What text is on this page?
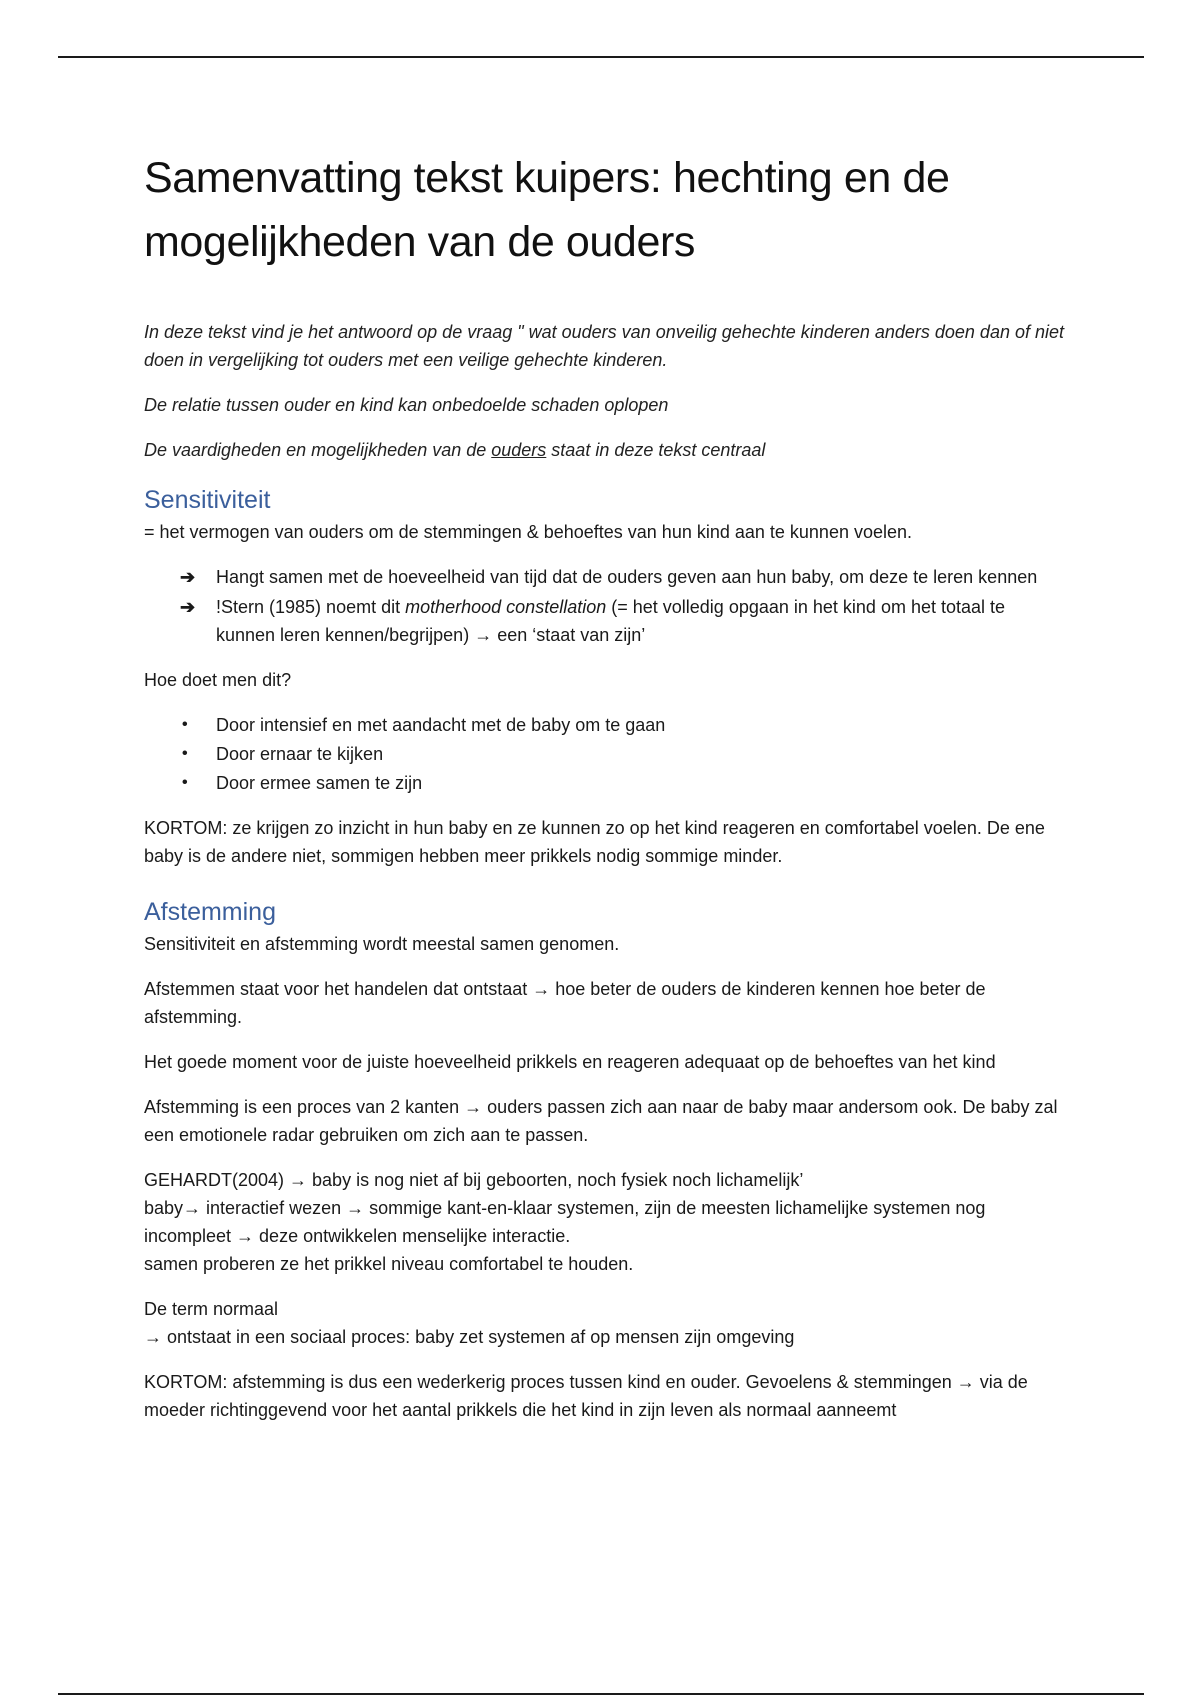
Samenvatting tekst kuipers: hechting en de mogelijkheden van de ouders

In deze tekst vind je het antwoord op de vraag " wat ouders van onveilig gehechte kinderen anders doen dan of niet doen in vergelijking tot ouders met een veilige gehechte kinderen.

De relatie tussen ouder en kind kan onbedoelde schaden oplopen

De vaardigheden en mogelijkheden van de ouders staat in deze tekst centraal

Sensitiviteit

= het vermogen van ouders om de stemmingen & behoeftes van hun kind aan te kunnen voelen.

➔	Hangt samen met de hoeveelheid van tijd dat de ouders geven aan hun baby, om deze te leren kennen
➔	!Stern (1985) noemt dit motherhood constellation (= het volledig opgaan in het kind om het totaal te kunnen leren kennen/begrijpen) → een ‘staat van zijn’

Hoe doet men dit?

•	Door intensief en met aandacht met de baby om te gaan
•	Door ernaar te kijken
•	Door ermee samen te zijn

KORTOM: ze krijgen zo inzicht in hun baby en ze kunnen zo op het kind reageren en comfortabel voelen. De ene baby is de andere niet, sommigen hebben meer prikkels nodig sommige minder.

Afstemming

Sensitiviteit en afstemming wordt meestal samen genomen.

Afstemmen staat voor het handelen dat ontstaat → hoe beter de ouders de kinderen kennen hoe beter de afstemming.

Het goede moment voor de juiste hoeveelheid prikkels en reageren adequaat op de behoeftes van het kind

Afstemming is een proces van 2 kanten → ouders passen zich aan naar de baby maar andersom ook. De baby zal een emotionele radar gebruiken om zich aan te passen.

GEHARDT(2004) → baby is nog niet af bij geboorten, noch fysiek noch lichamelijk’
baby→ interactief wezen → sommige kant-en-klaar systemen, zijn de meesten lichamelijke systemen nog incompleet → deze ontwikkelen menselijke interactie.
samen proberen ze het prikkel niveau comfortabel te houden.

De term normaal
→ ontstaat in een sociaal proces: baby zet systemen af op mensen zijn omgeving

KORTOM: afstemming is dus een wederkerig proces tussen kind en ouder. Gevoelens & stemmingen → via de moeder richtinggevend voor het aantal prikkels die het kind in zijn leven als normaal aanneemt
